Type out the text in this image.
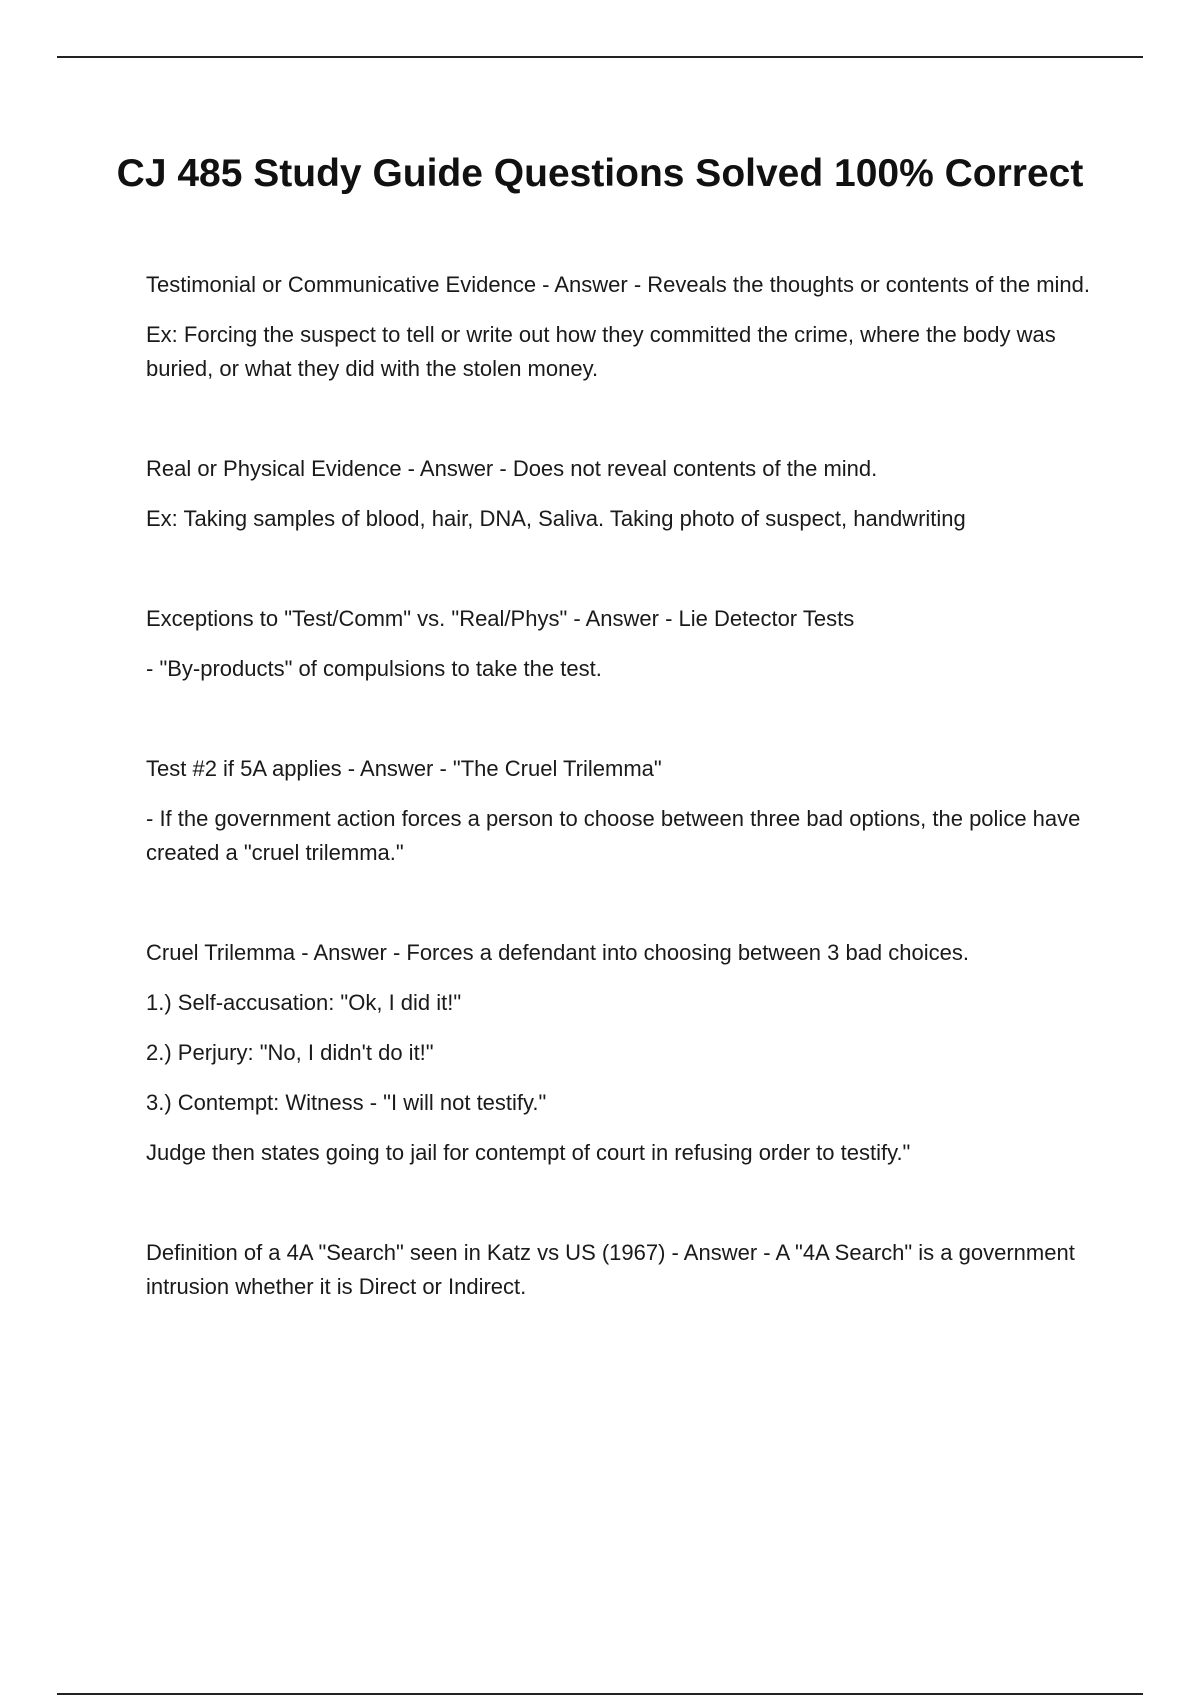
CJ 485 Study Guide Questions Solved 100% Correct

Testimonial or Communicative Evidence - Answer - Reveals the thoughts or contents of the mind.

Ex: Forcing the suspect to tell or write out how they committed the crime, where the body was buried, or what they did with the stolen money.

Real or Physical Evidence - Answer - Does not reveal contents of the mind.

Ex: Taking samples of blood, hair, DNA, Saliva. Taking photo of suspect, handwriting

Exceptions to "Test/Comm" vs. "Real/Phys" - Answer - Lie Detector Tests

- "By-products" of compulsions to take the test.

Test #2 if 5A applies - Answer - "The Cruel Trilemma"

- If the government action forces a person to choose between three bad options, the police have created a "cruel trilemma."

Cruel Trilemma - Answer - Forces a defendant into choosing between 3 bad choices.

1.) Self-accusation: "Ok, I did it!"

2.) Perjury: "No, I didn't do it!"

3.) Contempt: Witness - "I will not testify."

Judge then states going to jail for contempt of court in refusing order to testify."

Definition of a 4A "Search" seen in Katz vs US (1967) - Answer - A "4A Search" is a government intrusion whether it is Direct or Indirect.
